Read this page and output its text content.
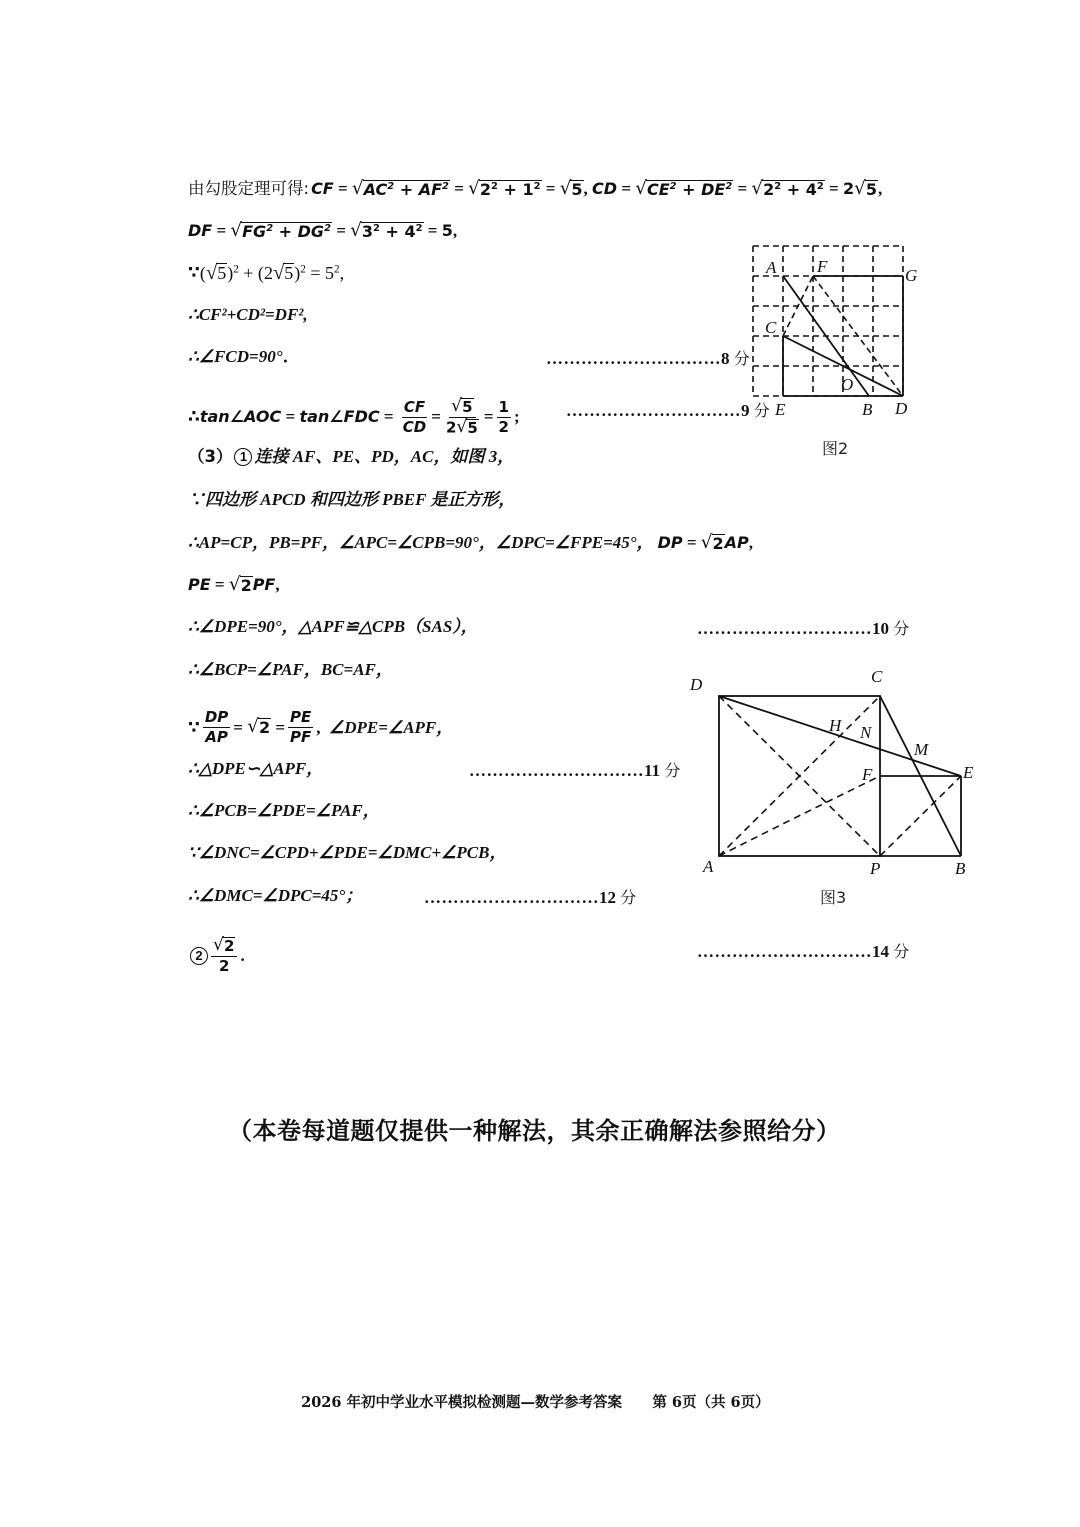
由勾股定理可得: CF = √ $AC^2 + AF^2$ = √ $2^2 + 1^2$ = √ 5 , CD = √ $CE^2 + DE^2$ = √ $2^2 + 4^2 = 2$ √ 5 ,
DF = √ $FG^2 + DG^2$ = √ $3^2 + 4^2 = 5$ ,
∵ ( √ 5 )$^2$ + (2 √ 5 )$^2 = 5^2$,
∴CF²+CD²=DF²,
∴∠FCD=90°．
∴ tan∠AOC = tan∠FDC = $\frac{CF}{CD} = \frac{√ 5}{2 √ 5} = \frac{1}{2}$ ;
（3） 1 连接 AF、PE、PD，AC，如图 3，
∵四边形 APCD 和四边形 PBEF 是正方形，
∴AP=CP，PB=PF，∠APC=∠CPB=90°，∠DPC=∠FPE=45°， DP = √ 2 AP ,
PE = √ 2 PF ,
∴∠DPE=90°，△APF≌△CPB（SAS），
∴∠BCP=∠PAF，BC=AF，
∵ $\frac{DP}{AP}$ = √ $2 = \frac{PE}{PF}$ , ∠DPE=∠APF，
∴△DPE∽△APF，
∴∠PCB=∠PDE=∠PAF，
∵∠DNC=∠CPD+∠PDE=∠DMC+∠PCB，
∴∠DMC=∠DPC=45°；
$2 \frac{√ 2}{2}$ .
…………………………8 分
…………………………9 分
…………………………10 分
…………………………11 分
…………………………12 分
…………………………14 分
A F	G
C
O
E	B D
图2
D	C
H N
M
F	E
A	P	B
图3
（本卷每道题仅提供一种解法，其余正确解法参照给分）

2026 年初中学业水平模拟检测题—数学参考答案 第 6页（共 6页）
